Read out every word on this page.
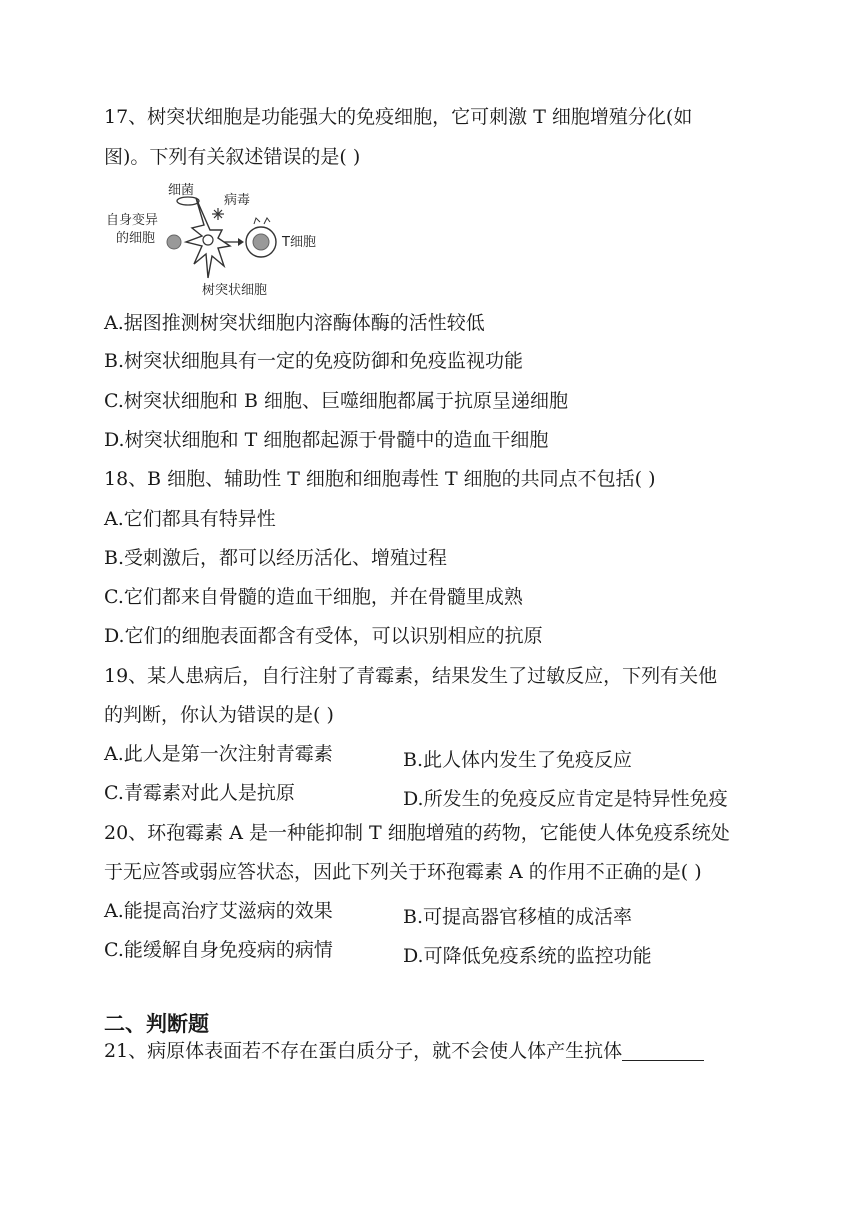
17、树突状细胞是功能强大的免疫细胞，它可刺激 T 细胞增殖分化(如
图)。下列有关叙述错误的是( )
细菌
病毒
自身变异
的细胞	T细胞
树突状细胞
A.据图推测树突状细胞内溶酶体酶的活性较低
B.树突状细胞具有一定的免疫防御和免疫监视功能
C.树突状细胞和 B 细胞、巨噬细胞都属于抗原呈递细胞
D.树突状细胞和 T 细胞都起源于骨髓中的造血干细胞
18、B 细胞、辅助性 T 细胞和细胞毒性 T 细胞的共同点不包括( )
A.它们都具有特异性
B.受刺激后，都可以经历活化、增殖过程
C.它们都来自骨髓的造血干细胞，并在骨髓里成熟
D.它们的细胞表面都含有受体，可以识别相应的抗原
19、某人患病后，自行注射了青霉素，结果发生了过敏反应，下列有关他
的判断，你认为错误的是( )
A.此人是第一次注射青霉素	B.此人体内发生了免疫反应
C.青霉素对此人是抗原	D.所发生的免疫反应肯定是特异性免疫
20、环孢霉素 A 是一种能抑制 T 细胞增殖的药物，它能使人体免疫系统处
于无应答或弱应答状态，因此下列关于环孢霉素 A 的作用不正确的是( )
A.能提高治疗艾滋病的效果	B.可提高器官移植的成活率
C.能缓解自身免疫病的病情	D.可降低免疫系统的监控功能
二、判断题
21、病原体表面若不存在蛋白质分子，就不会使人体产生抗体
